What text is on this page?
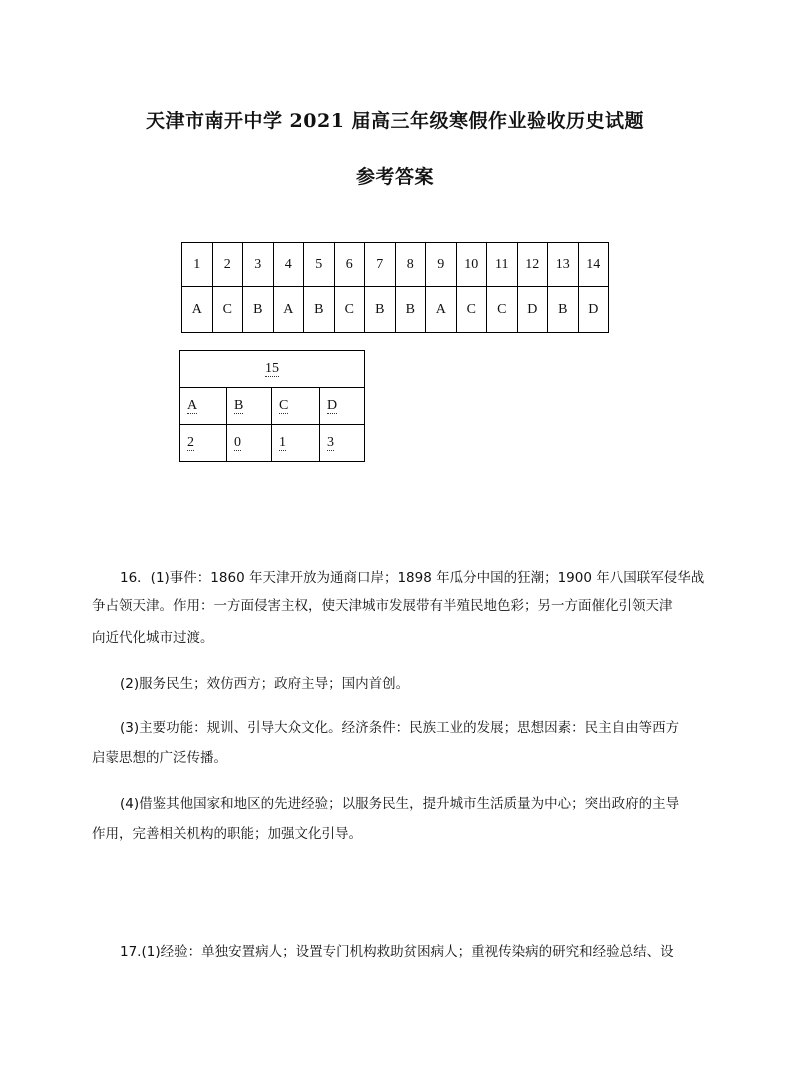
天津市南开中学 2021 届高三年级寒假作业验收历史试题
参考答案
1	2	3	4	5	6	7	8	9	10	11	12	13	14
A	C	B	A	B	C	B	B	A	C	C	D	B	D
15			
A	B	C	D
2	0	1	3
16．(1)事件：1860 年天津开放为通商口岸；1898 年瓜分中国的狂潮；1900 年八国联军侵华战
争占领天津。作用：一方面侵害主权，使天津城市发展带有半殖民地色彩；另一方面催化引领天津
向近代化城市过渡。
(2)服务民生；效仿西方；政府主导；国内首创。
(3)主要功能：规训、引导大众文化。经济条件：民族工业的发展；思想因素：民主自由等西方
启蒙思想的广泛传播。
(4)借鉴其他国家和地区的先进经验；以服务民生，提升城市生活质量为中心；突出政府的主导
作用，完善相关机构的职能；加强文化引导。
17.(1)经验：单独安置病人；设置专门机构救助贫困病人；重视传染病的研究和经验总结、设
